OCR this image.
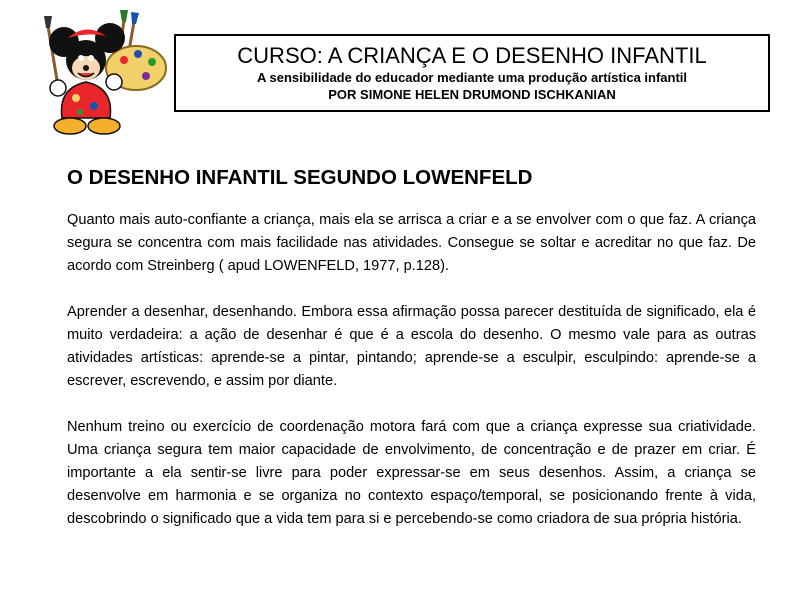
CURSO: A CRIANÇA E O DESENHO INFANTIL
A sensibilidade do educador mediante uma produção artística infantil
POR SIMONE HELEN DRUMOND ISCHKANIAN
O DESENHO INFANTIL SEGUNDO LOWENFELD

Quanto mais auto-confiante a criança, mais ela se arrisca a criar e a se envolver com o que faz. A criança segura se concentra com mais facilidade nas atividades. Consegue se soltar e acreditar no que faz. De acordo com Streinberg ( apud LOWENFELD, 1977, p.128).

Aprender a desenhar, desenhando. Embora essa afirmação possa parecer destituída de significado, ela é muito verdadeira: a ação de desenhar é que é a escola do desenho. O mesmo vale para as outras atividades artísticas: aprende-se a pintar, pintando; aprende-se a esculpir, esculpindo: aprende-se a escrever, escrevendo, e assim por diante.

Nenhum treino ou exercício de coordenação motora fará com que a criança expresse sua criatividade. Uma criança segura tem maior capacidade de envolvimento, de concentração e de prazer em criar. É importante a ela sentir-se livre para poder expressar-se em seus desenhos. Assim, a criança se desenvolve em harmonia e se organiza no contexto espaço/temporal, se posicionando frente à vida, descobrindo o significado que a vida tem para si e percebendo-se como criadora de sua própria história.
